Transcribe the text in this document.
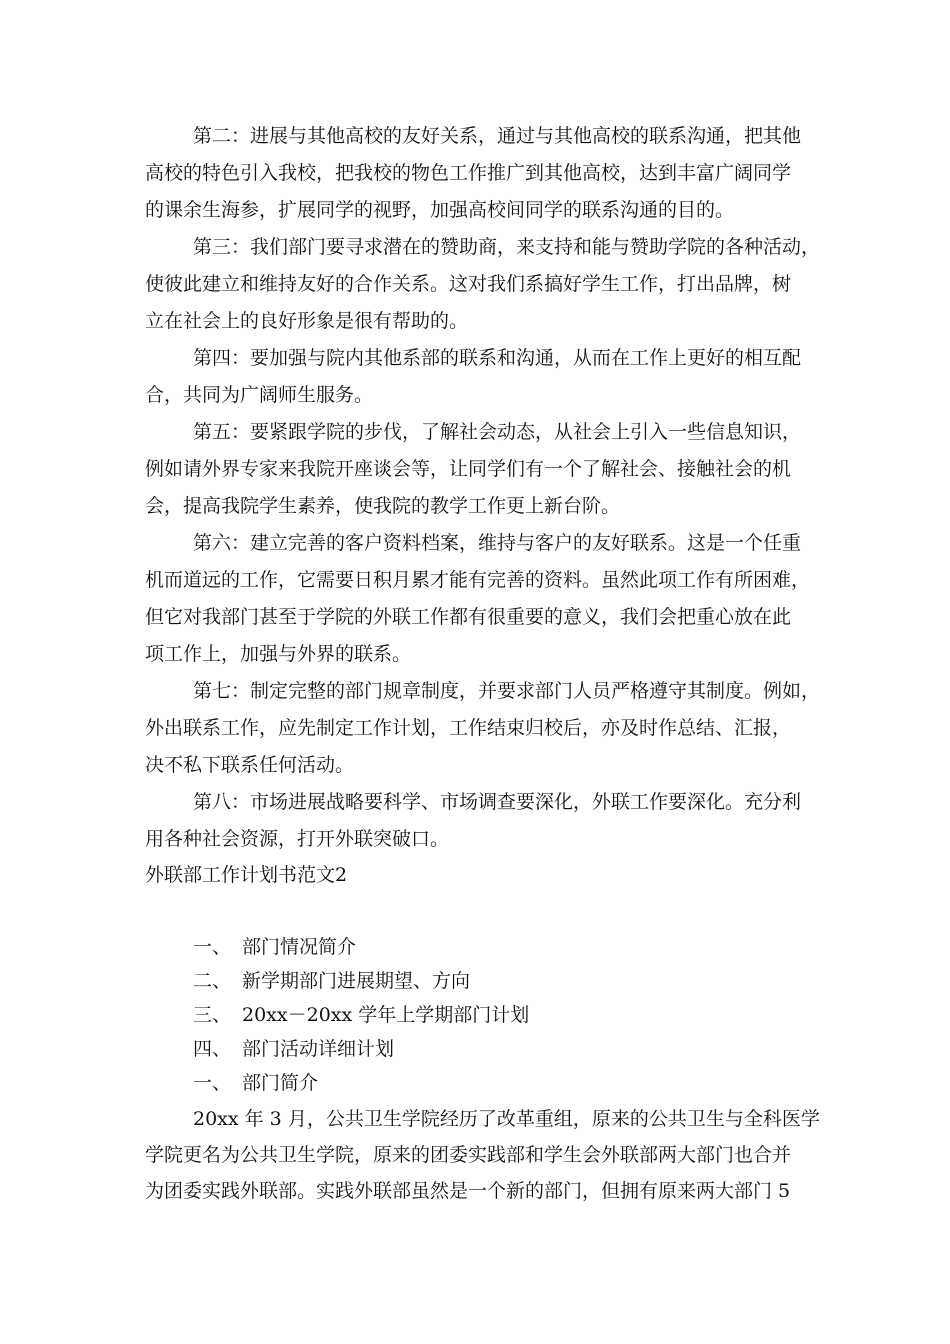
第二：进展与其他高校的友好关系，通过与其他高校的联系沟通，把其他
高校的特色引入我校，把我校的物色工作推广到其他高校，达到丰富广阔同学
的课余生海参，扩展同学的视野，加强高校间同学的联系沟通的目的。
第三：我们部门要寻求潜在的赞助商，来支持和能与赞助学院的各种活动，
使彼此建立和维持友好的合作关系。这对我们系搞好学生工作，打出品牌，树
立在社会上的良好形象是很有帮助的。
第四：要加强与院内其他系部的联系和沟通，从而在工作上更好的相互配
合，共同为广阔师生服务。
第五：要紧跟学院的步伐，了解社会动态，从社会上引入一些信息知识，
例如请外界专家来我院开座谈会等，让同学们有一个了解社会、接触社会的机
会，提高我院学生素养，使我院的教学工作更上新台阶。
第六：建立完善的客户资料档案，维持与客户的友好联系。这是一个任重
机而道远的工作，它需要日积月累才能有完善的资料。虽然此项工作有所困难，
但它对我部门甚至于学院的外联工作都有很重要的意义，我们会把重心放在此
项工作上，加强与外界的联系。
第七：制定完整的部门规章制度，并要求部门人员严格遵守其制度。例如，
外出联系工作，应先制定工作计划，工作结束归校后，亦及时作总结、汇报，
决不私下联系任何活动。
第八：市场进展战略要科学、市场调查要深化，外联工作要深化。充分利
用各种社会资源，打开外联突破口。
外联部工作计划书范文2
一、 部门情况简介
二、 新学期部门进展期望、方向
三、 20xx－20xx 学年上学期部门计划
四、 部门活动详细计划
一、 部门简介
20xx 年 3 月，公共卫生学院经历了改革重组，原来的公共卫生与全科医学
学院更名为公共卫生学院，原来的团委实践部和学生会外联部两大部门也合并
为团委实践外联部。实践外联部虽然是一个新的部门，但拥有原来两大部门 5
